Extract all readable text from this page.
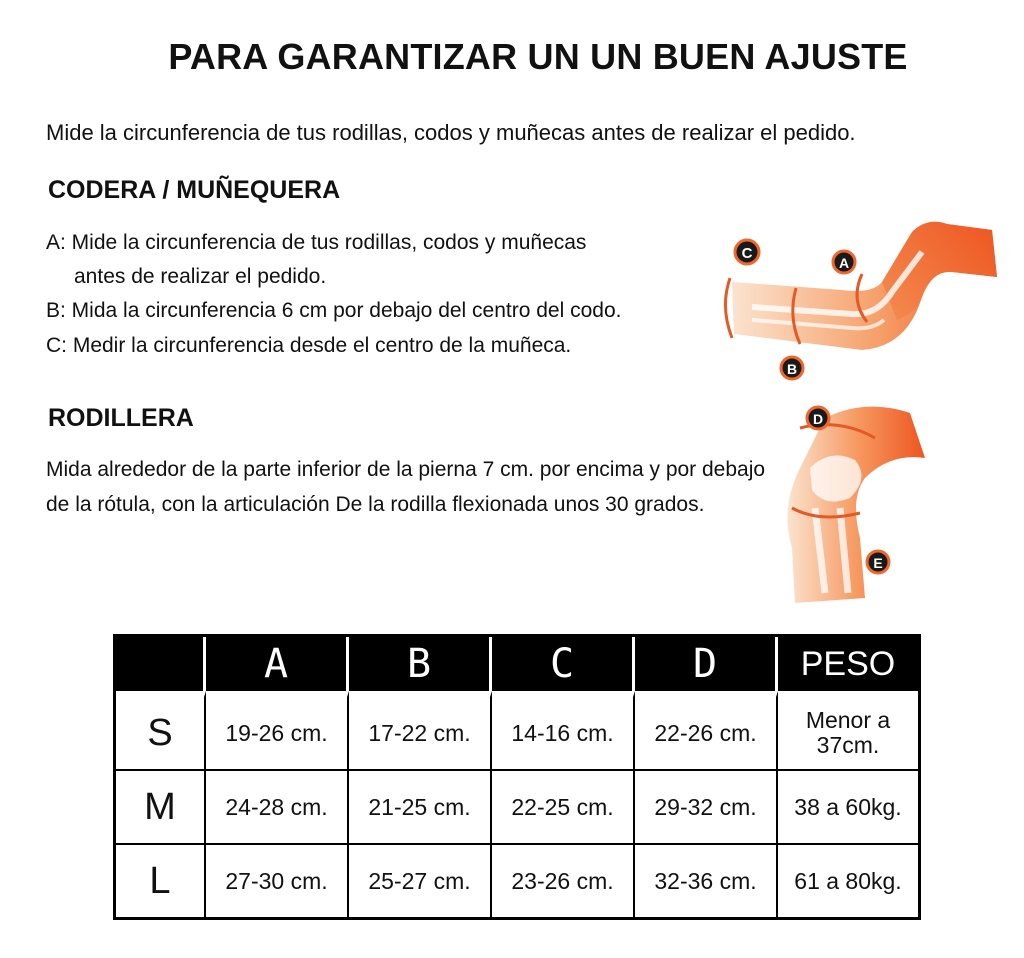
PARA GARANTIZAR UN UN BUEN AJUSTE

Mide la circunferencia de tus rodillas, codos y muñecas antes de realizar el pedido.

CODERA / MUÑEQUERA

A: Mide la circunferencia de tus rodillas, codos y muñecas
antes de realizar el pedido.

B: Mida la circunferencia 6 cm por debajo del centro del codo.

C: Medir la circunferencia desde el centro de la muñeca.

C
A
B
RODILLERA

Mida alrededor de la parte inferior de la pierna 7 cm. por encima y por debajo de la rótula, con la articulación De la rodilla flexionada unos 30 grados.

D
E
	A	B	C	D	PESO
S	19-26 cm.	17-22 cm.	14-16 cm.	22-26 cm.	Menor a 37cm.
M	24-28 cm.	21-25 cm.	22-25 cm.	29-32 cm.	38 a 60kg.
L	27-30 cm.	25-27 cm.	23-26 cm.	32-36 cm.	61 a 80kg.
